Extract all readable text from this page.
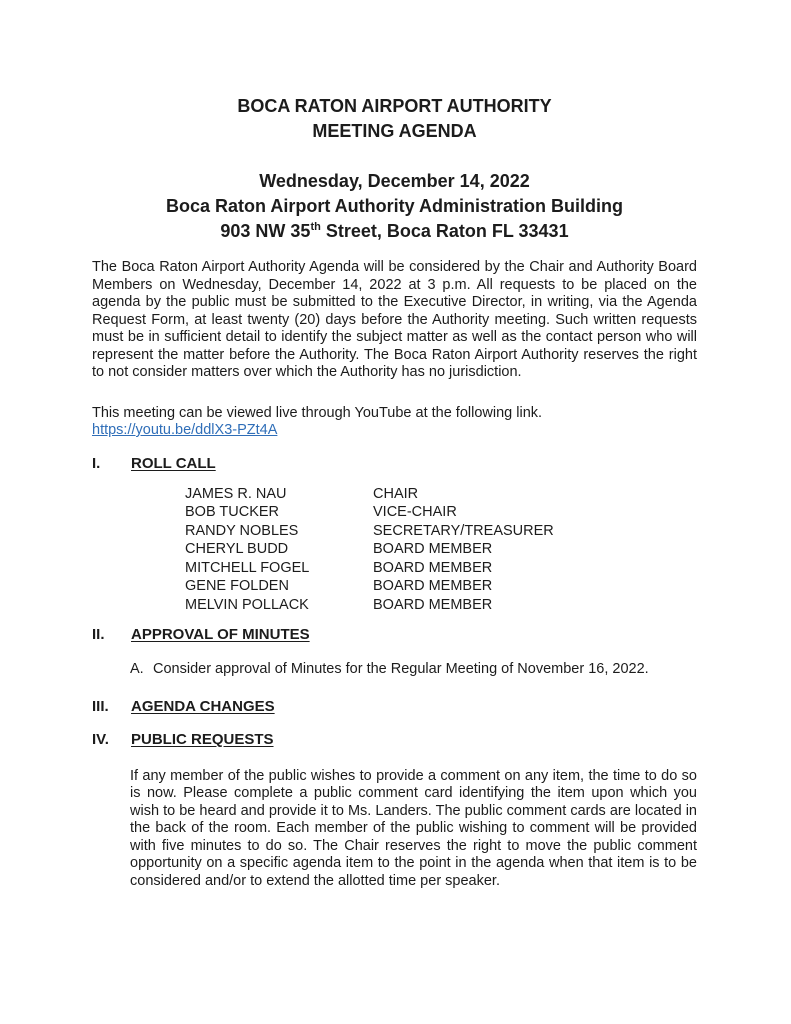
BOCA RATON AIRPORT AUTHORITY
MEETING AGENDA
Wednesday, December 14, 2022
Boca Raton Airport Authority Administration Building
903 NW 35th Street, Boca Raton FL 33431

The Boca Raton Airport Authority Agenda will be considered by the Chair and Authority Board Members on Wednesday, December 14, 2022 at 3 p.m. All requests to be placed on the agenda by the public must be submitted to the Executive Director, in writing, via the Agenda Request Form, at least twenty (20) days before the Authority meeting. Such written requests must be in sufficient detail to identify the subject matter as well as the contact person who will represent the matter before the Authority. The Boca Raton Airport Authority reserves the right to not consider matters over which the Authority has no jurisdiction.

This meeting can be viewed live through YouTube at the following link.
https://youtu.be/ddlX3-PZt4A
I.	ROLL CALL
JAMES R. NAU	CHAIR
BOB TUCKER	VICE-CHAIR
RANDY NOBLES	SECRETARY/TREASURER
CHERYL BUDD	BOARD MEMBER
MITCHELL FOGEL	BOARD MEMBER
GENE FOLDEN	BOARD MEMBER
MELVIN POLLACK	BOARD MEMBER
II.	APPROVAL OF MINUTES
A. Consider approval of Minutes for the Regular Meeting of November 16, 2022.
III.	AGENDA CHANGES
IV.	PUBLIC REQUESTS

If any member of the public wishes to provide a comment on any item, the time to do so is now. Please complete a public comment card identifying the item upon which you wish to be heard and provide it to Ms. Landers. The public comment cards are located in the back of the room. Each member of the public wishing to comment will be provided with five minutes to do so. The Chair reserves the right to move the public comment opportunity on a specific agenda item to the point in the agenda when that item is to be considered and/or to extend the allotted time per speaker.
